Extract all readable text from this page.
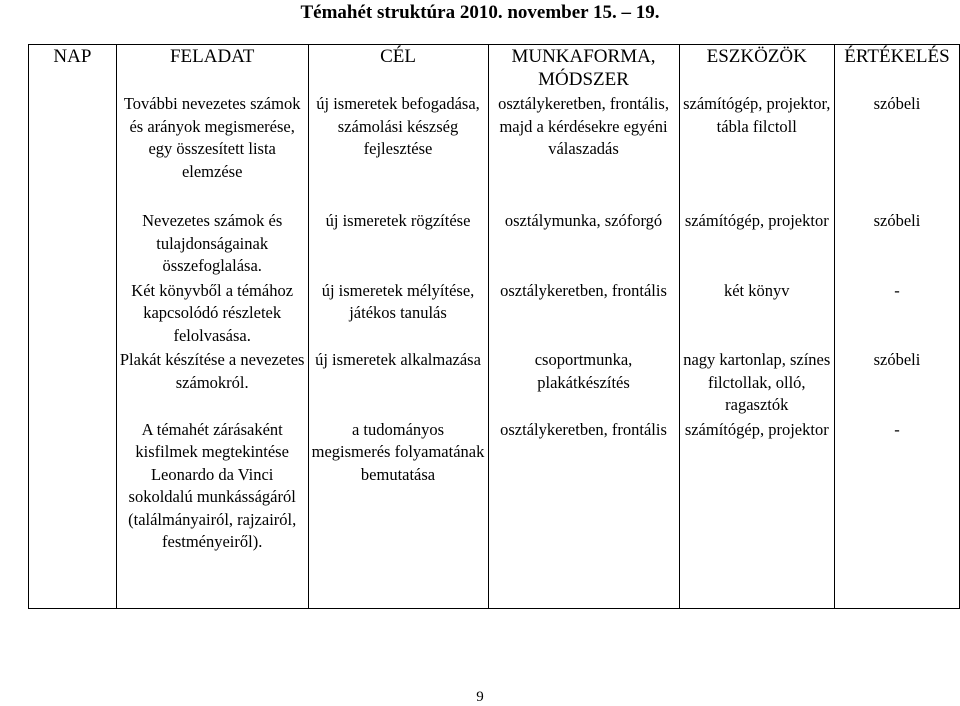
Témahét struktúra 2010. november 15. – 19.
NAP	FELADAT	CÉL	MUNKAFORMA, MÓDSZER	ESZKÖZÖK	ÉRTÉKELÉS
	További nevezetes számok és arányok megismerése, egy összesített lista elemzése	új ismeretek befogadása, számolási készség fejlesztése	osztálykeretben, frontális, majd a kérdésekre egyéni válaszadás	számítógép, projektor, tábla filctoll	szóbeli
	Nevezetes számok és tulajdonságainak összefoglalása.	új ismeretek rögzítése	osztálymunka, szóforgó	számítógép, projektor	szóbeli
	Két könyvből a témához kapcsolódó részletek felolvasása.	új ismeretek mélyítése, játékos tanulás	osztálykeretben, frontális	két könyv	-
	Plakát készítése a nevezetes számokról.	új ismeretek alkalmazása	csoportmunka, plakátkészítés	nagy kartonlap, színes filctollak, olló, ragasztók	szóbeli
	A témahét zárásaként kisfilmek megtekintése Leonardo da Vinci sokoldalú munkásságáról (találmányairól, rajzairól, festményeiről).	a tudományos megismerés folyamatának bemutatása	osztálykeretben, frontális	számítógép, projektor	-
9
